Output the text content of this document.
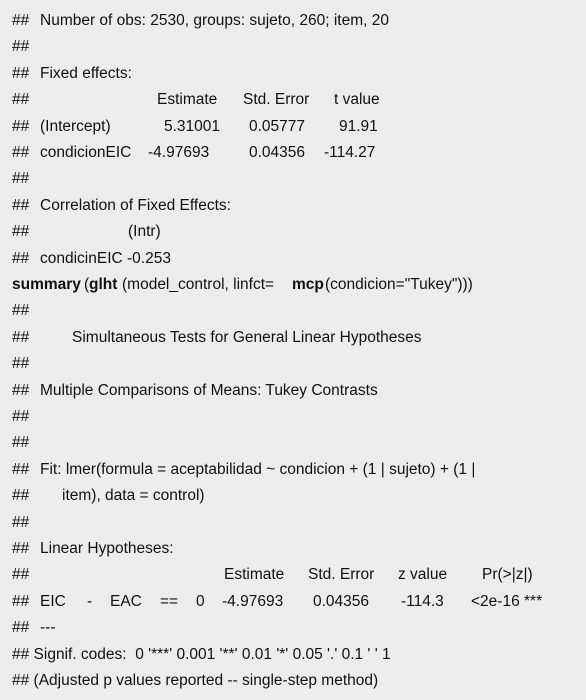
## Number of obs: 2530, groups: sujeto, 260; item, 20
##
## Fixed effects:
##	Estimate Std. Error t value
## (Intercept)	5.31001 0.05777 91.91
## condicionEIC -4.97693	0.04356 -114.27
##
## Correlation of Fixed Effects:
##	(Intr)
## condicinEIC -0.253
summary ( glht (model_control, linfct= mcp (condicion="Tukey")))
##
##	Simultaneous Tests for General Linear Hypotheses
##
## Multiple Comparisons of Means: Tukey Contrasts
##
##
## Fit: lmer(formula = aceptabilidad ~ condicion + (1 | sujeto) + (1 |
## item), data = control)
##
## Linear Hypotheses:
##	Estimate Std. Error z value Pr(>|z|)
## EIC - EAC == 0 -4.97693 0.04356 -114.3 <2e-16 ***
## ---
## Signif. codes:  0 '***' 0.001 '**' 0.01 '*' 0.05 '.' 0.1 ' ' 1
## (Adjusted p values reported -- single-step method)
